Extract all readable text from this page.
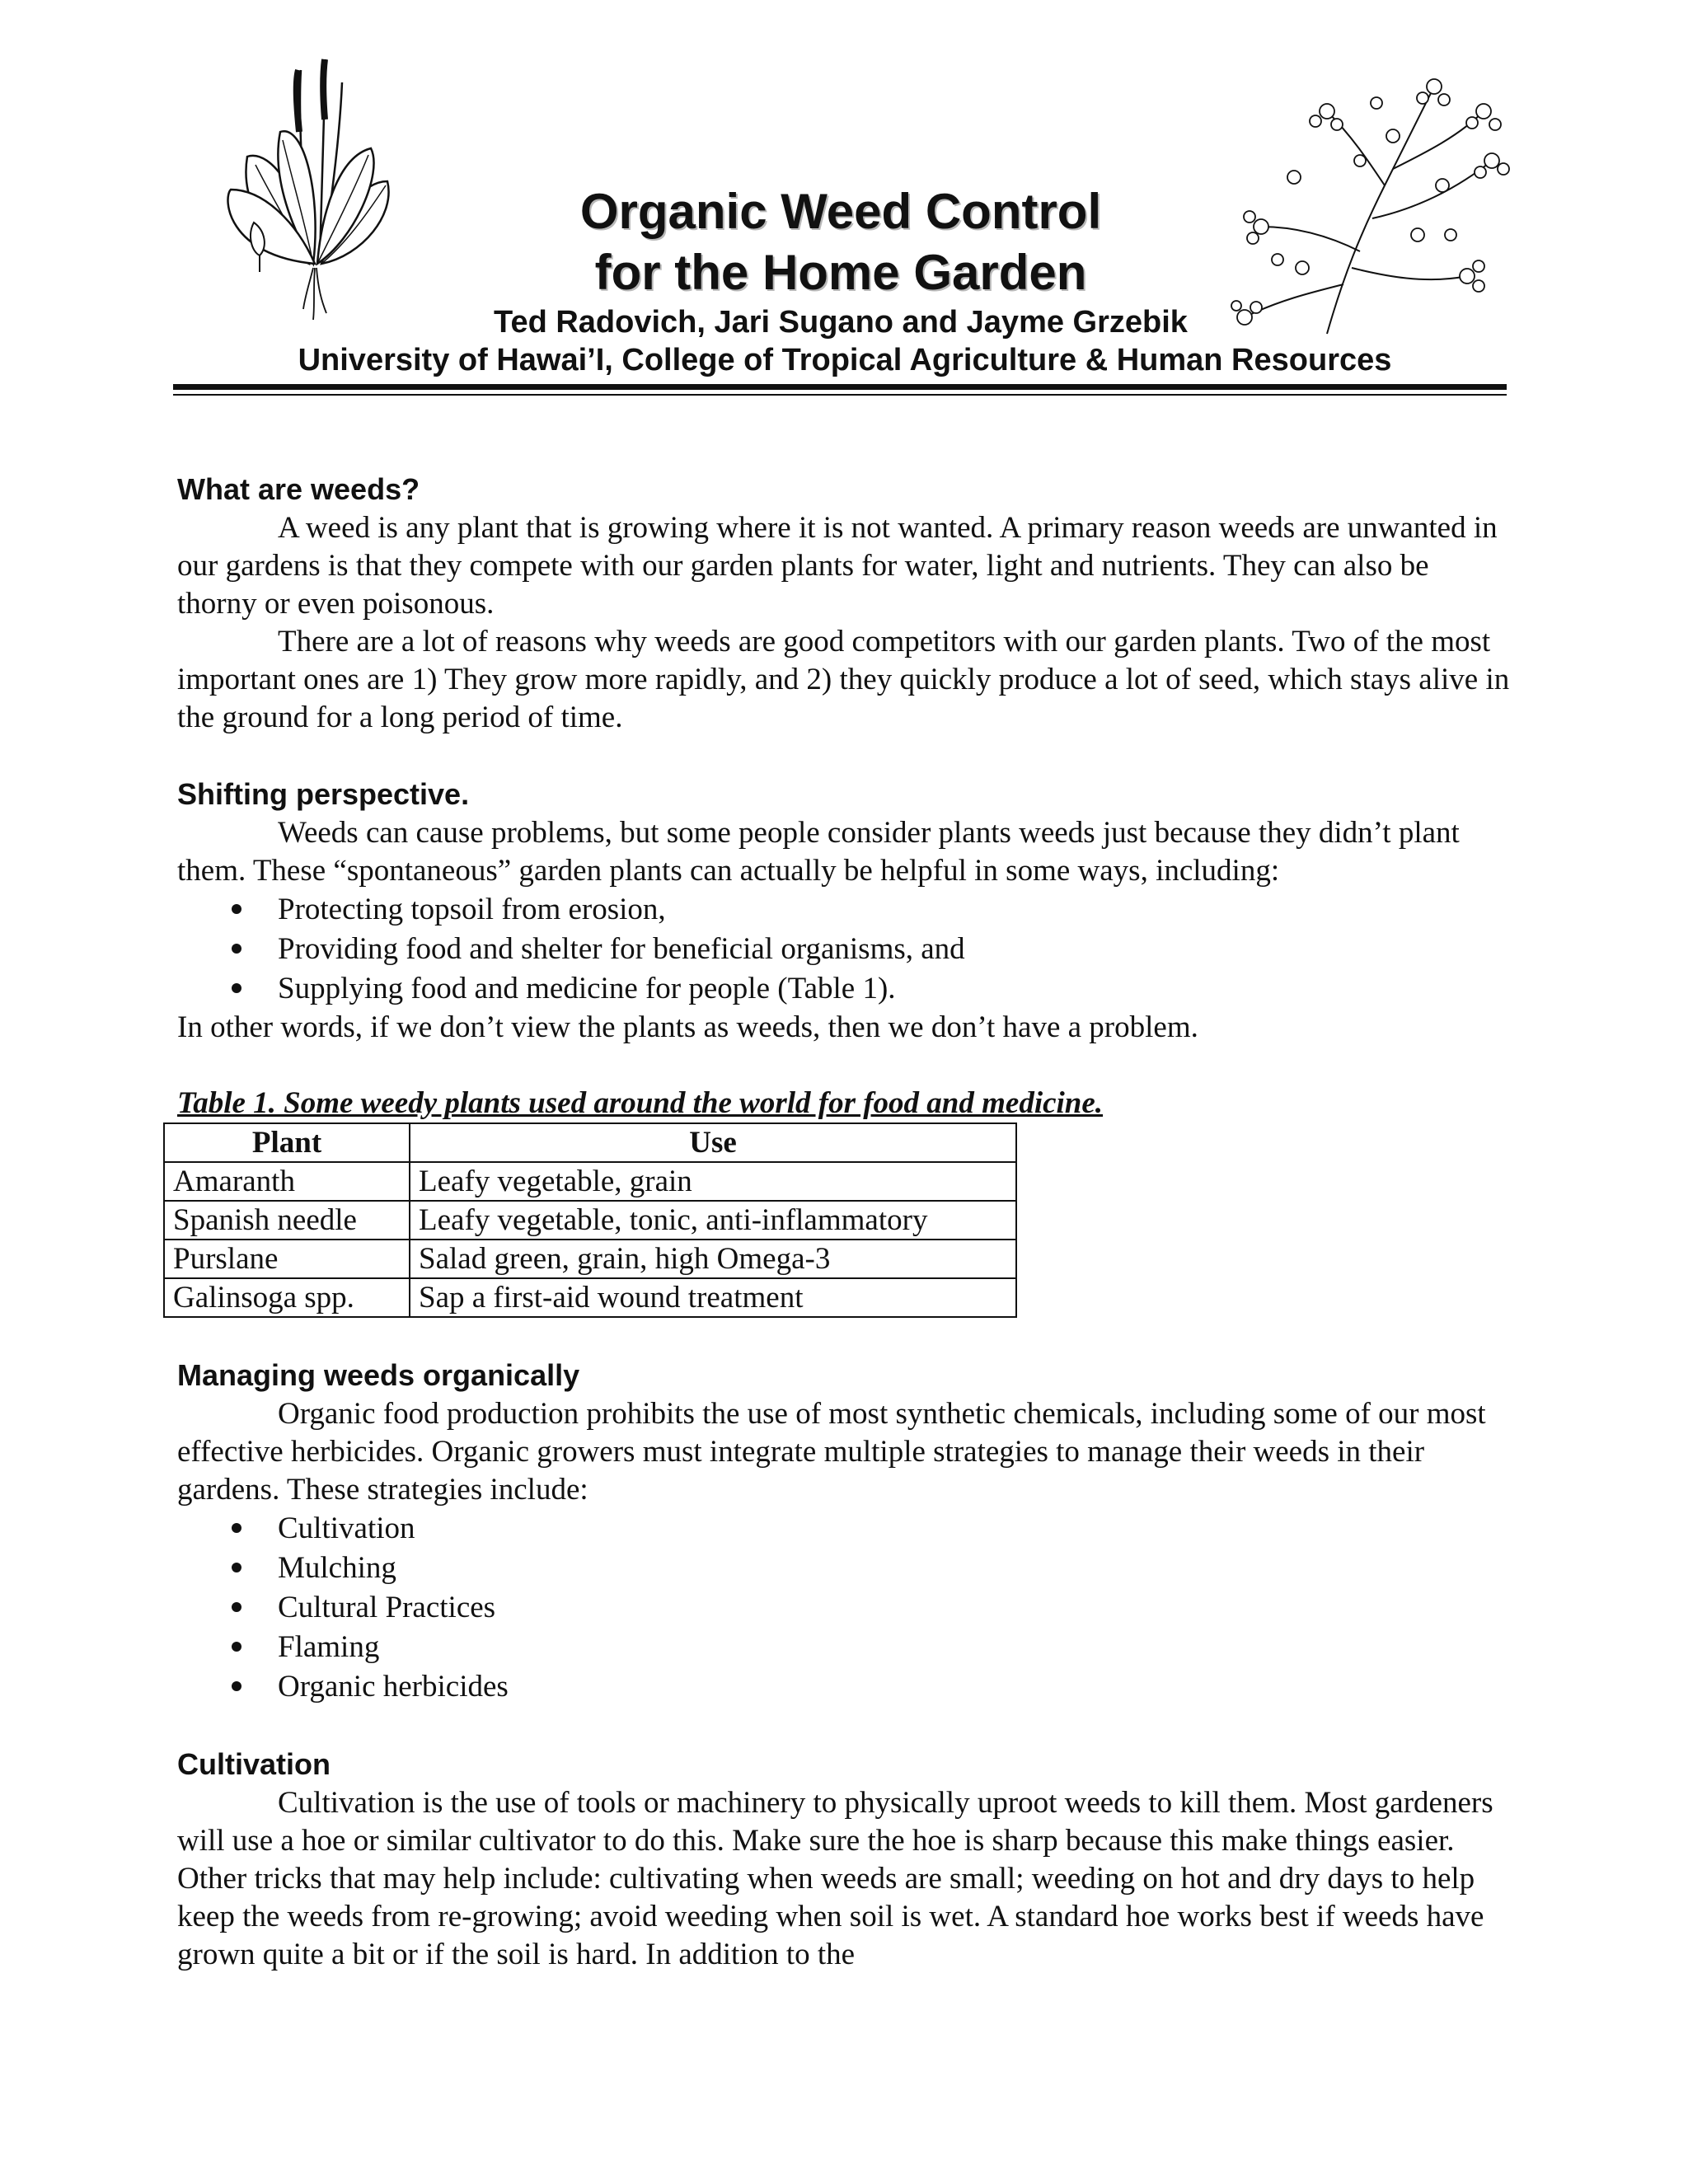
Organic Weed Control
for the Home Garden
Ted Radovich, Jari Sugano and Jayme Grzebik
University of Hawai’I, College of Tropical Agriculture & Human Resources
What are weeds?

A weed is any plant that is growing where it is not wanted. A primary reason weeds are unwanted in our gardens is that they compete with our garden plants for water, light and nutrients. They can also be thorny or even poisonous.

There are a lot of reasons why weeds are good competitors with our garden plants. Two of the most important ones are 1) They grow more rapidly, and 2) they quickly produce a lot of seed, which stays alive in the ground for a long period of time.

Shifting perspective.

Weeds can cause problems, but some people consider plants weeds just because they didn’t plant them. These “spontaneous” garden plants can actually be helpful in some ways, including:

Protecting topsoil from erosion,
Providing food and shelter for beneficial organisms, and
Supplying food and medicine for people (Table 1).

In other words, if we don’t view the plants as weeds, then we don’t have a problem.

Table 1. Some weedy plants used around the world for food and medicine.

Plant	Use
Amaranth	Leafy vegetable, grain
Spanish needle	Leafy vegetable, tonic, anti-inflammatory
Purslane	Salad green, grain, high Omega-3
Galinsoga spp.	Sap a first-aid wound treatment
Managing weeds organically

Organic food production prohibits the use of most synthetic chemicals, including some of our most effective herbicides. Organic growers must integrate multiple strategies to manage their weeds in their gardens. These strategies include:

Cultivation
Mulching
Cultural Practices
Flaming
Organic herbicides
Cultivation

Cultivation is the use of tools or machinery to physically uproot weeds to kill them. Most gardeners will use a hoe or similar cultivator to do this. Make sure the hoe is sharp because this make things easier. Other tricks that may help include: cultivating when weeds are small; weeding on hot and dry days to help keep the weeds from re-growing; avoid weeding when soil is wet. A standard hoe works best if weeds have grown quite a bit or if the soil is hard. In addition to the
